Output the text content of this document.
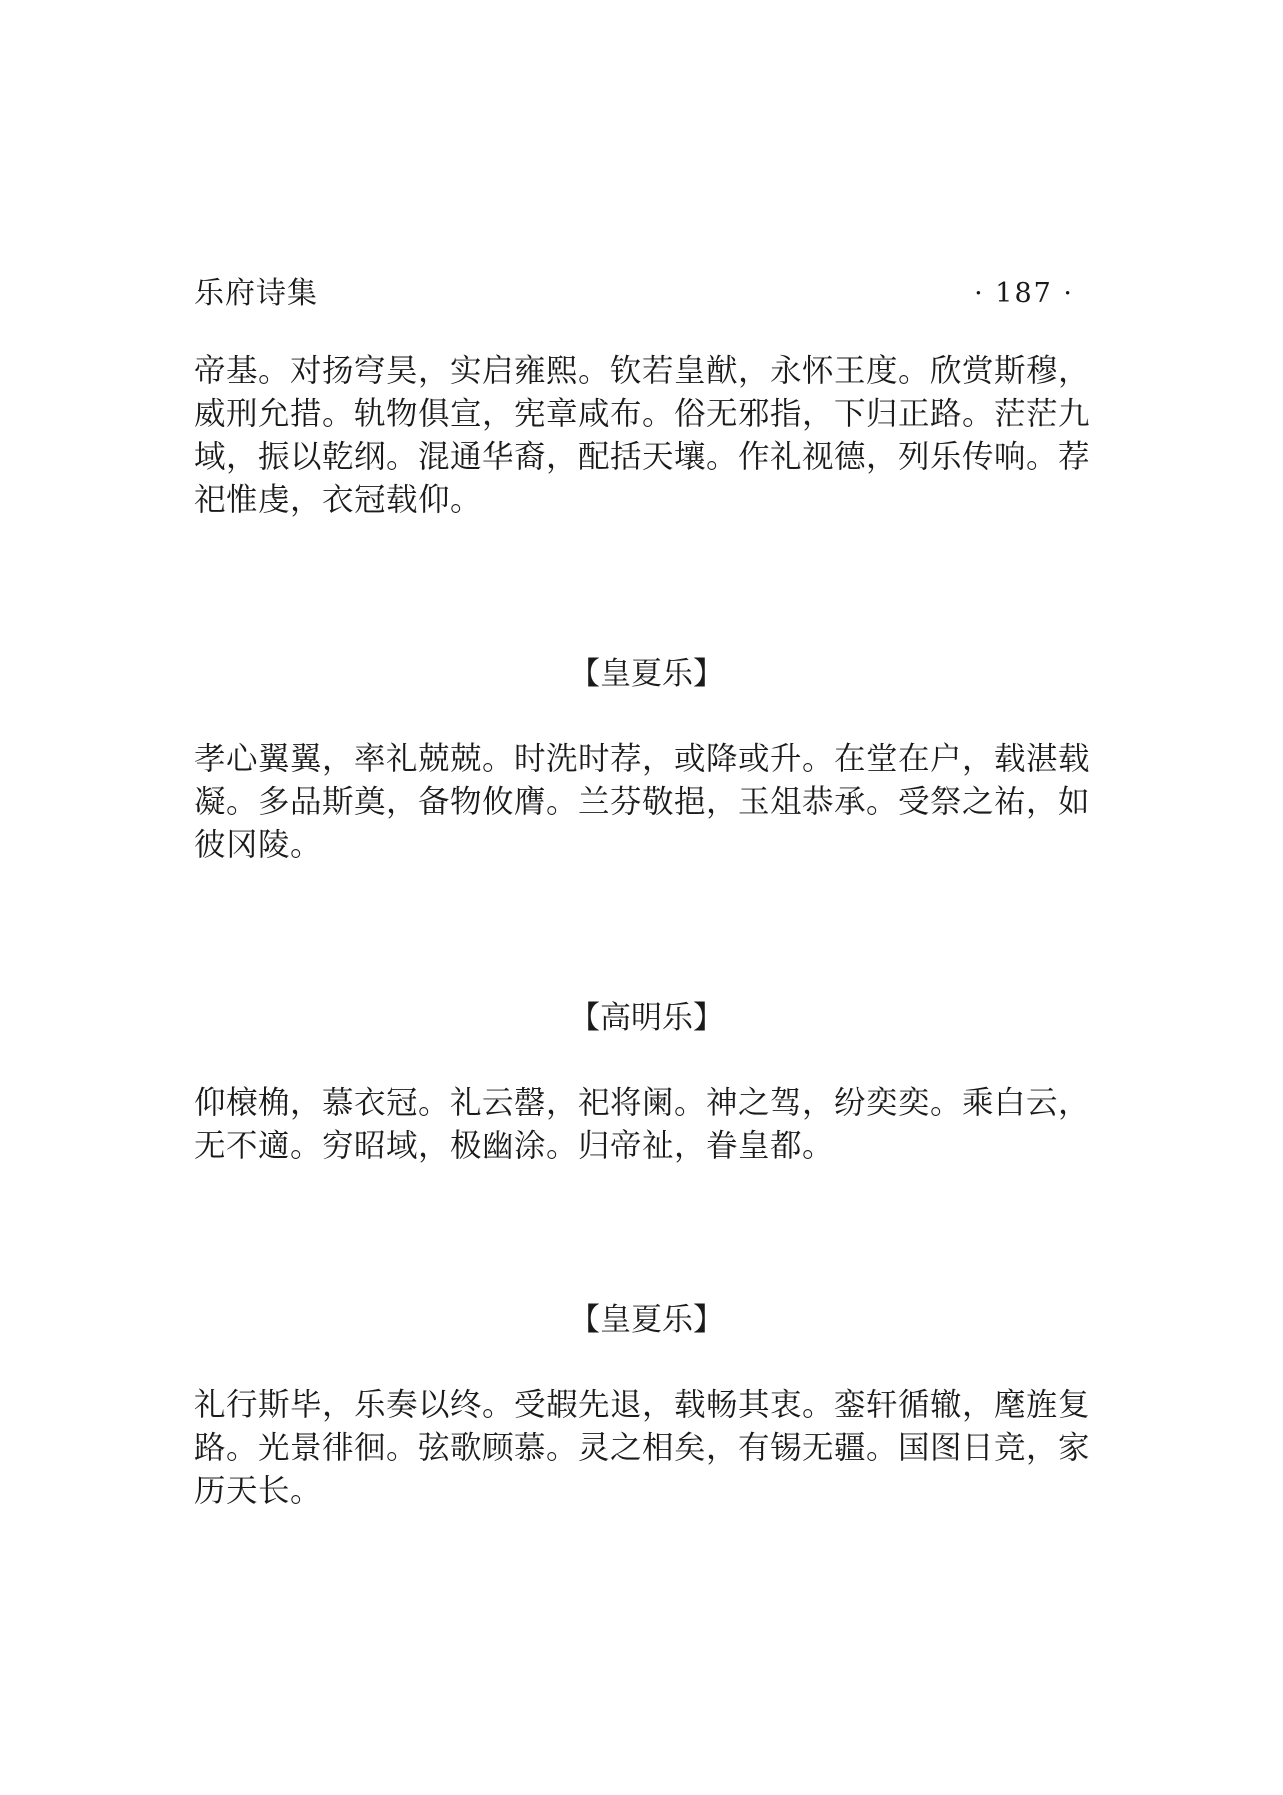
乐府诗集	· 187 ·

帝基。对扬穹昊，实启雍熙。钦若皇猷，永怀王度。欣赏斯穆，威刑允措。轨物俱宣，宪章咸布。俗无邪指，下归正路。茫茫九域，振以乾纲。混通华裔，配括天壤。作礼视德，列乐传响。荐祀惟虔，衣冠载仰。

【皇夏乐】

孝心翼翼，率礼兢兢。时洗时荐，或降或升。在堂在户，载湛载凝。多品斯奠，备物攸膺。兰芬敬挹，玉俎恭承。受祭之祐，如彼冈陵。

【高明乐】

仰榱桷，慕衣冠。礼云罄，祀将阑。神之驾，纷奕奕。乘白云，无不適。穷昭域，极幽涂。归帝祉，眷皇都。

【皇夏乐】

礼行斯毕，乐奏以终。受嘏先退，载畅其衷。銮轩循辙，麾旌复路。光景徘徊。弦歌顾慕。灵之相矣，有锡无疆。国图日竞，家历天长。
